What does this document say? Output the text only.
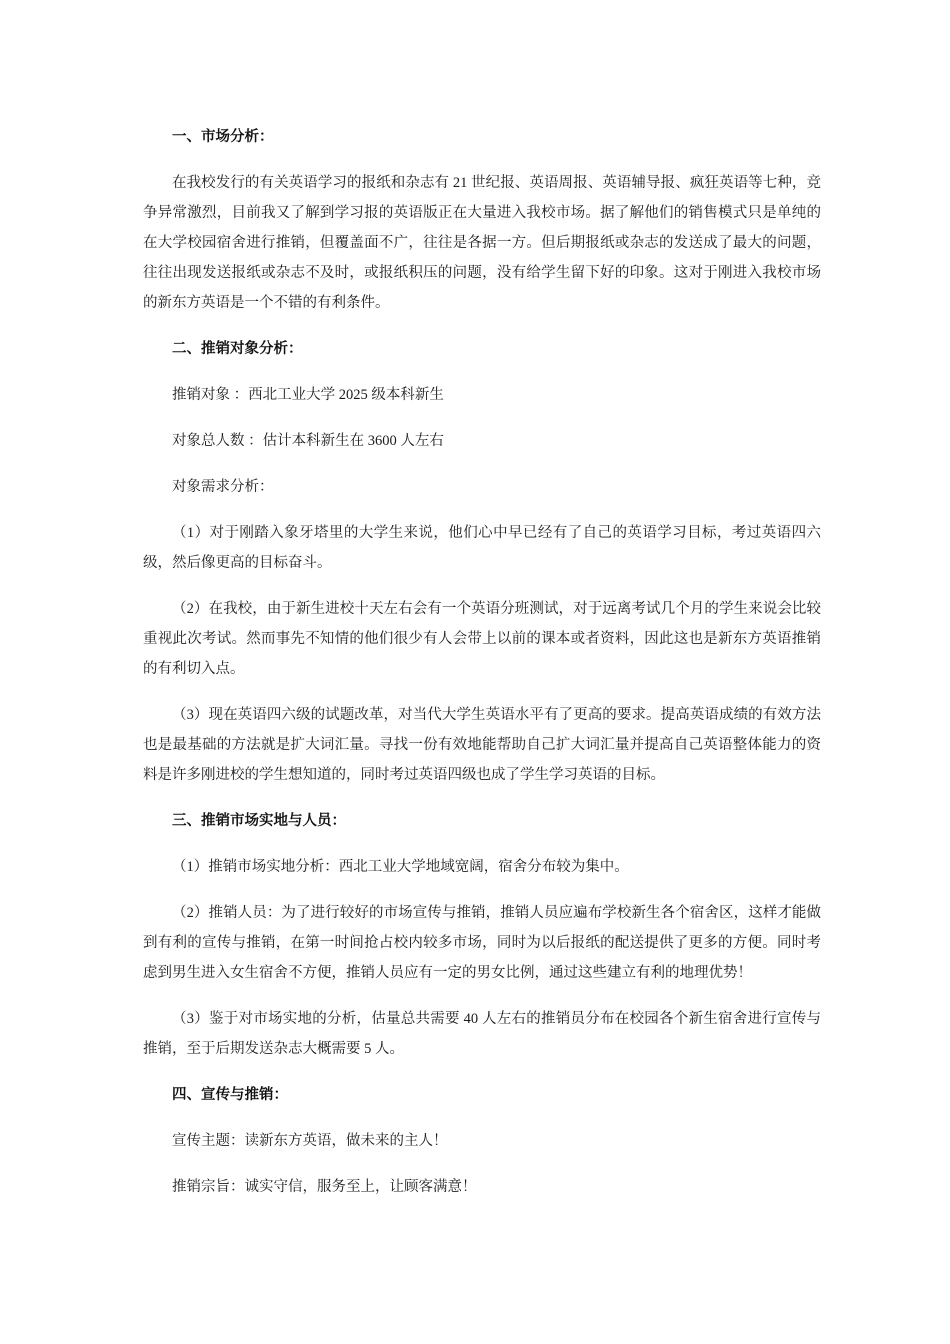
一、市场分析：

在我校发行的有关英语学习的报纸和杂志有 21 世纪报、英语周报、英语辅导报、疯狂英语等七种，竞争异常激烈，目前我又了解到学习报的英语版正在大量进入我校市场。据了解他们的销售模式只是单纯的在大学校园宿舍进行推销，但覆盖面不广，往往是各据一方。但后期报纸或杂志的发送成了最大的问题，往往出现发送报纸或杂志不及时，或报纸积压的问题，没有给学生留下好的印象。这对于刚进入我校市场的新东方英语是一个不错的有利条件。

二、推销对象分析：

推销对象 ：西北工业大学 2025 级本科新生

对象总人数 ：估计本科新生在 3600 人左右

对象需求分析：

（1）对于刚踏入象牙塔里的大学生来说，他们心中早已经有了自己的英语学习目标，考过英语四六级，然后像更高的目标奋斗。

（2）在我校，由于新生进校十天左右会有一个英语分班测试，对于远离考试几个月的学生来说会比较重视此次考试。然而事先不知情的他们很少有人会带上以前的课本或者资料，因此这也是新东方英语推销的有利切入点。

（3）现在英语四六级的试题改革，对当代大学生英语水平有了更高的要求。提高英语成绩的有效方法也是最基础的方法就是扩大词汇量。寻找一份有效地能帮助自己扩大词汇量并提高自己英语整体能力的资料是许多刚进校的学生想知道的，同时考过英语四级也成了学生学习英语的目标。

三、推销市场实地与人员：

（1）推销市场实地分析：西北工业大学地域宽阔，宿舍分布较为集中。

（2）推销人员：为了进行较好的市场宣传与推销，推销人员应遍布学校新生各个宿舍区，这样才能做到有利的宣传与推销，在第一时间抢占校内较多市场，同时为以后报纸的配送提供了更多的方便。同时考虑到男生进入女生宿舍不方便，推销人员应有一定的男女比例，通过这些建立有利的地理优势！

（3）鉴于对市场实地的分析，估量总共需要 40 人左右的推销员分布在校园各个新生宿舍进行宣传与推销，至于后期发送杂志大概需要 5 人。

四、宣传与推销：

宣传主题：读新东方英语，做未来的主人！

推销宗旨：诚实守信，服务至上，让顾客满意！
